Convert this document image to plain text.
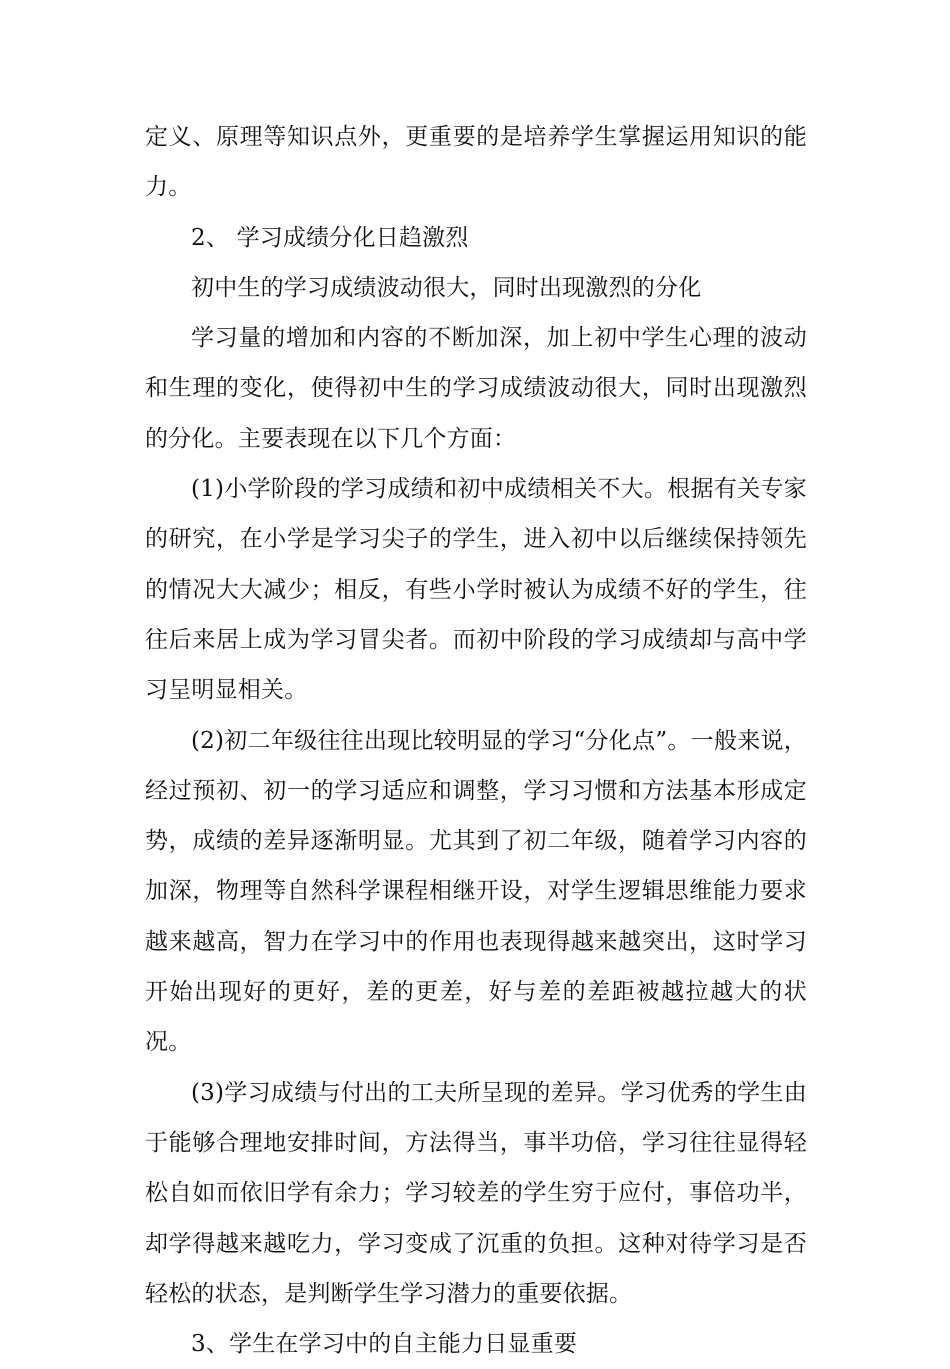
定义、原理等知识点外，更重要的是培养学生掌握运用知识的能力。

2、 学习成绩分化日趋激烈

初中生的学习成绩波动很大，同时出现激烈的分化

学习量的增加和内容的不断加深，加上初中学生心理的波动和生理的变化，使得初中生的学习成绩波动很大，同时出现激烈的分化。主要表现在以下几个方面：

(1)小学阶段的学习成绩和初中成绩相关不大。根据有关专家的研究，在小学是学习尖子的学生，进入初中以后继续保持领先的情况大大减少；相反，有些小学时被认为成绩不好的学生，往往后来居上成为学习冒尖者。而初中阶段的学习成绩却与高中学习呈明显相关。

(2)初二年级往往出现比较明显的学习“分化点”。一般来说，经过预初、初一的学习适应和调整，学习习惯和方法基本形成定势，成绩的差异逐渐明显。尤其到了初二年级，随着学习内容的加深，物理等自然科学课程相继开设，对学生逻辑思维能力要求越来越高，智力在学习中的作用也表现得越来越突出，这时学习开始出现好的更好，差的更差，好与差的差距被越拉越大的状况。

(3)学习成绩与付出的工夫所呈现的差异。学习优秀的学生由于能够合理地安排时间，方法得当，事半功倍，学习往往显得轻松自如而依旧学有余力；学习较差的学生穷于应付，事倍功半，却学得越来越吃力，学习变成了沉重的负担。这种对待学习是否轻松的状态，是判断学生学习潜力的重要依据。

3、学生在学习中的自主能力日显重要
